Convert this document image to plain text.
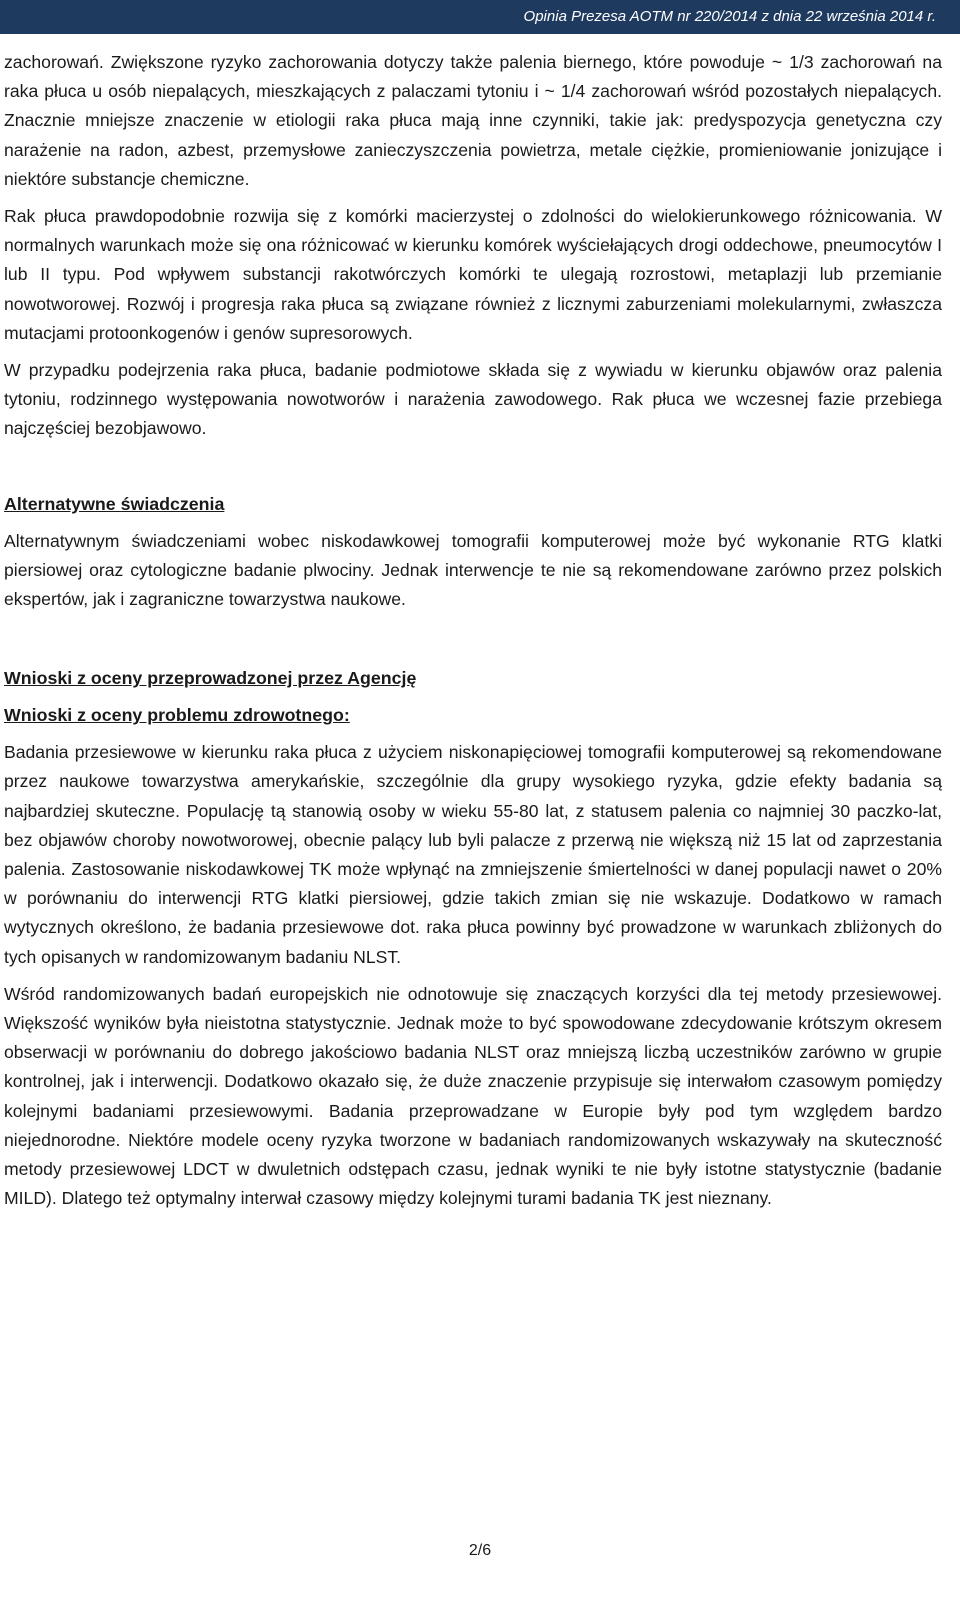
Opinia Prezesa AOTM nr 220/2014 z dnia 22 września 2014 r.

zachorowań. Zwiększone ryzyko zachorowania dotyczy także palenia biernego, które powoduje ~ 1/3 zachorowań na raka płuca u osób niepalących, mieszkających z palaczami tytoniu i ~ 1/4 zachorowań wśród pozostałych niepalących. Znacznie mniejsze znaczenie w etiologii raka płuca mają inne czynniki, takie jak: predyspozycja genetyczna czy narażenie na radon, azbest, przemysłowe zanieczyszczenia powietrza, metale ciężkie, promieniowanie jonizujące i niektóre substancje chemiczne.

Rak płuca prawdopodobnie rozwija się z komórki macierzystej o zdolności do wielokierunkowego różnicowania. W normalnych warunkach może się ona różnicować w kierunku komórek wyściełających drogi oddechowe, pneumocytów I lub II typu. Pod wpływem substancji rakotwórczych komórki te ulegają rozrostowi, metaplazji lub przemianie nowotworowej. Rozwój i progresja raka płuca są związane również z licznymi zaburzeniami molekularnymi, zwłaszcza mutacjami protoonkogenów i genów supresorowych.

W przypadku podejrzenia raka płuca, badanie podmiotowe składa się z wywiadu w kierunku objawów oraz palenia tytoniu, rodzinnego występowania nowotworów i narażenia zawodowego. Rak płuca we wczesnej fazie przebiega najczęściej bezobjawowo.

Alternatywne świadczenia

Alternatywnym świadczeniami wobec niskodawkowej tomografii komputerowej może być wykonanie RTG klatki piersiowej oraz cytologiczne badanie plwociny. Jednak interwencje te nie są rekomendowane zarówno przez polskich ekspertów, jak i zagraniczne towarzystwa naukowe.

Wnioski z oceny przeprowadzonej przez Agencję
Wnioski z oceny problemu zdrowotnego:

Badania przesiewowe w kierunku raka płuca z użyciem niskonapięciowej tomografii komputerowej są rekomendowane przez naukowe towarzystwa amerykańskie, szczególnie dla grupy wysokiego ryzyka, gdzie efekty badania są najbardziej skuteczne. Populację tą stanowią osoby w wieku 55-80 lat, z statusem palenia co najmniej 30 paczko-lat, bez objawów choroby nowotworowej, obecnie palący lub byli palacze z przerwą nie większą niż 15 lat od zaprzestania palenia. Zastosowanie niskodawkowej TK może wpłynąć na zmniejszenie śmiertelności w danej populacji nawet o 20% w porównaniu do interwencji RTG klatki piersiowej, gdzie takich zmian się nie wskazuje. Dodatkowo w ramach wytycznych określono, że badania przesiewowe dot. raka płuca powinny być prowadzone w warunkach zbliżonych do tych opisanych w randomizowanym badaniu NLST.

Wśród randomizowanych badań europejskich nie odnotowuje się znaczących korzyści dla tej metody przesiewowej. Większość wyników była nieistotna statystycznie. Jednak może to być spowodowane zdecydowanie krótszym okresem obserwacji w porównaniu do dobrego jakościowo badania NLST oraz mniejszą liczbą uczestników zarówno w grupie kontrolnej, jak i interwencji. Dodatkowo okazało się, że duże znaczenie przypisuje się interwałom czasowym pomiędzy kolejnymi badaniami przesiewowymi. Badania przeprowadzane w Europie były pod tym względem bardzo niejednorodne. Niektóre modele oceny ryzyka tworzone w badaniach randomizowanych wskazywały na skuteczność metody przesiewowej LDCT w dwuletnich odstępach czasu, jednak wyniki te nie były istotne statystycznie (badanie MILD). Dlatego też optymalny interwał czasowy między kolejnymi turami badania TK jest nieznany.

2/6
